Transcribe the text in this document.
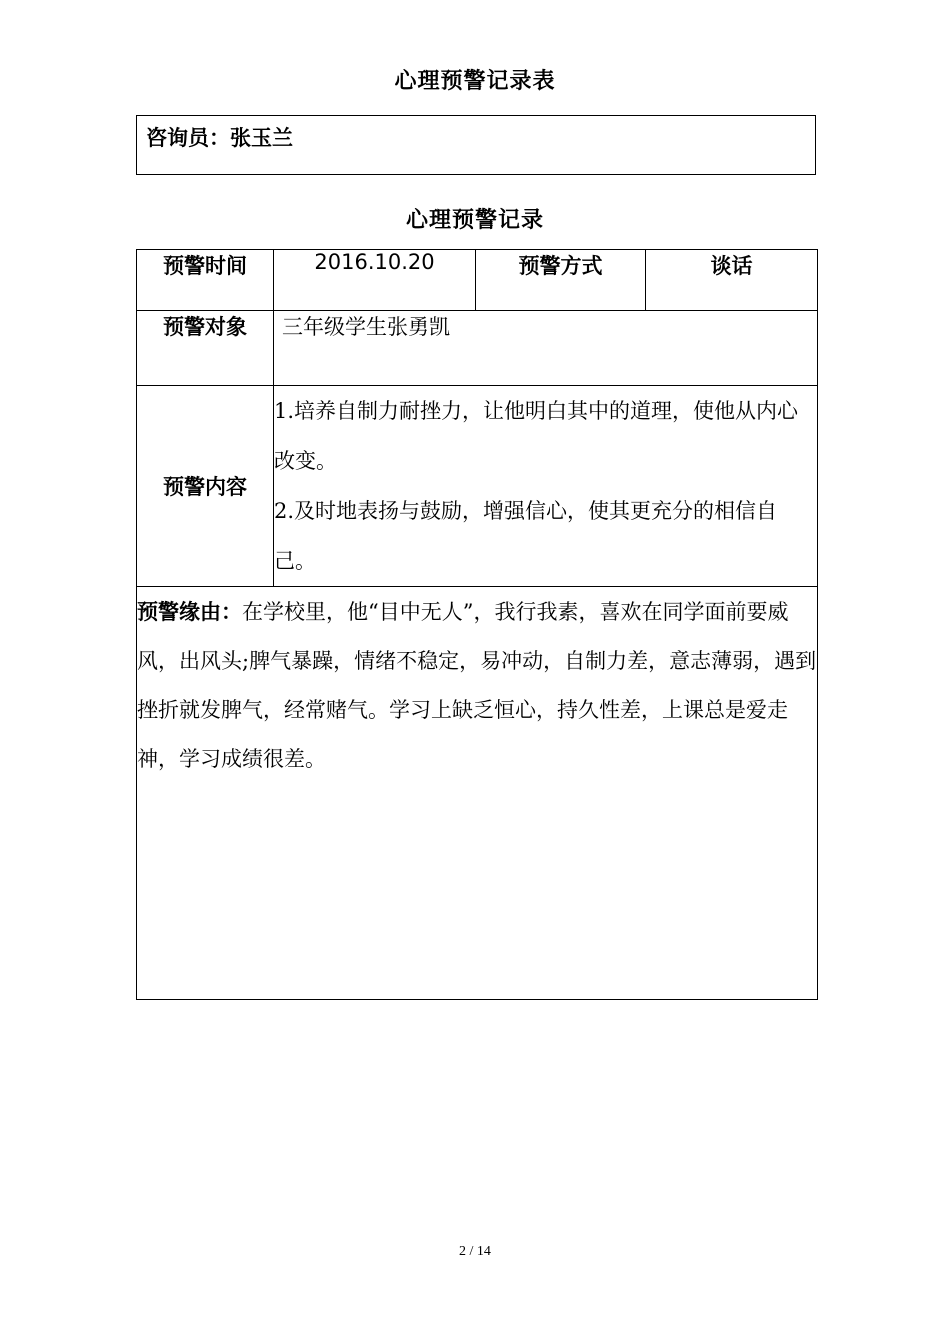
心理预警记录表
咨询员：张玉兰
心理预警记录
预警时间	2016.10.20	预警方式	谈话
预警对象	三年级学生张勇凯		
预警内容	1.培养自制力耐挫力，让他明白其中的道理，使他从内心改变。

2.及时地表扬与鼓励，增强信心，使其更充分的相信自己。		

预警缘由：在学校里，他“目中无人”，我行我素，喜欢在同学面前要威风，出风头;脾气暴躁，情绪不稳定，易冲动，自制力差，意志薄弱，遇到挫折就发脾气，经常赌气。学习上缺乏恒心，持久性差，上课总是爱走神，学习成绩很差。			
2 / 14
